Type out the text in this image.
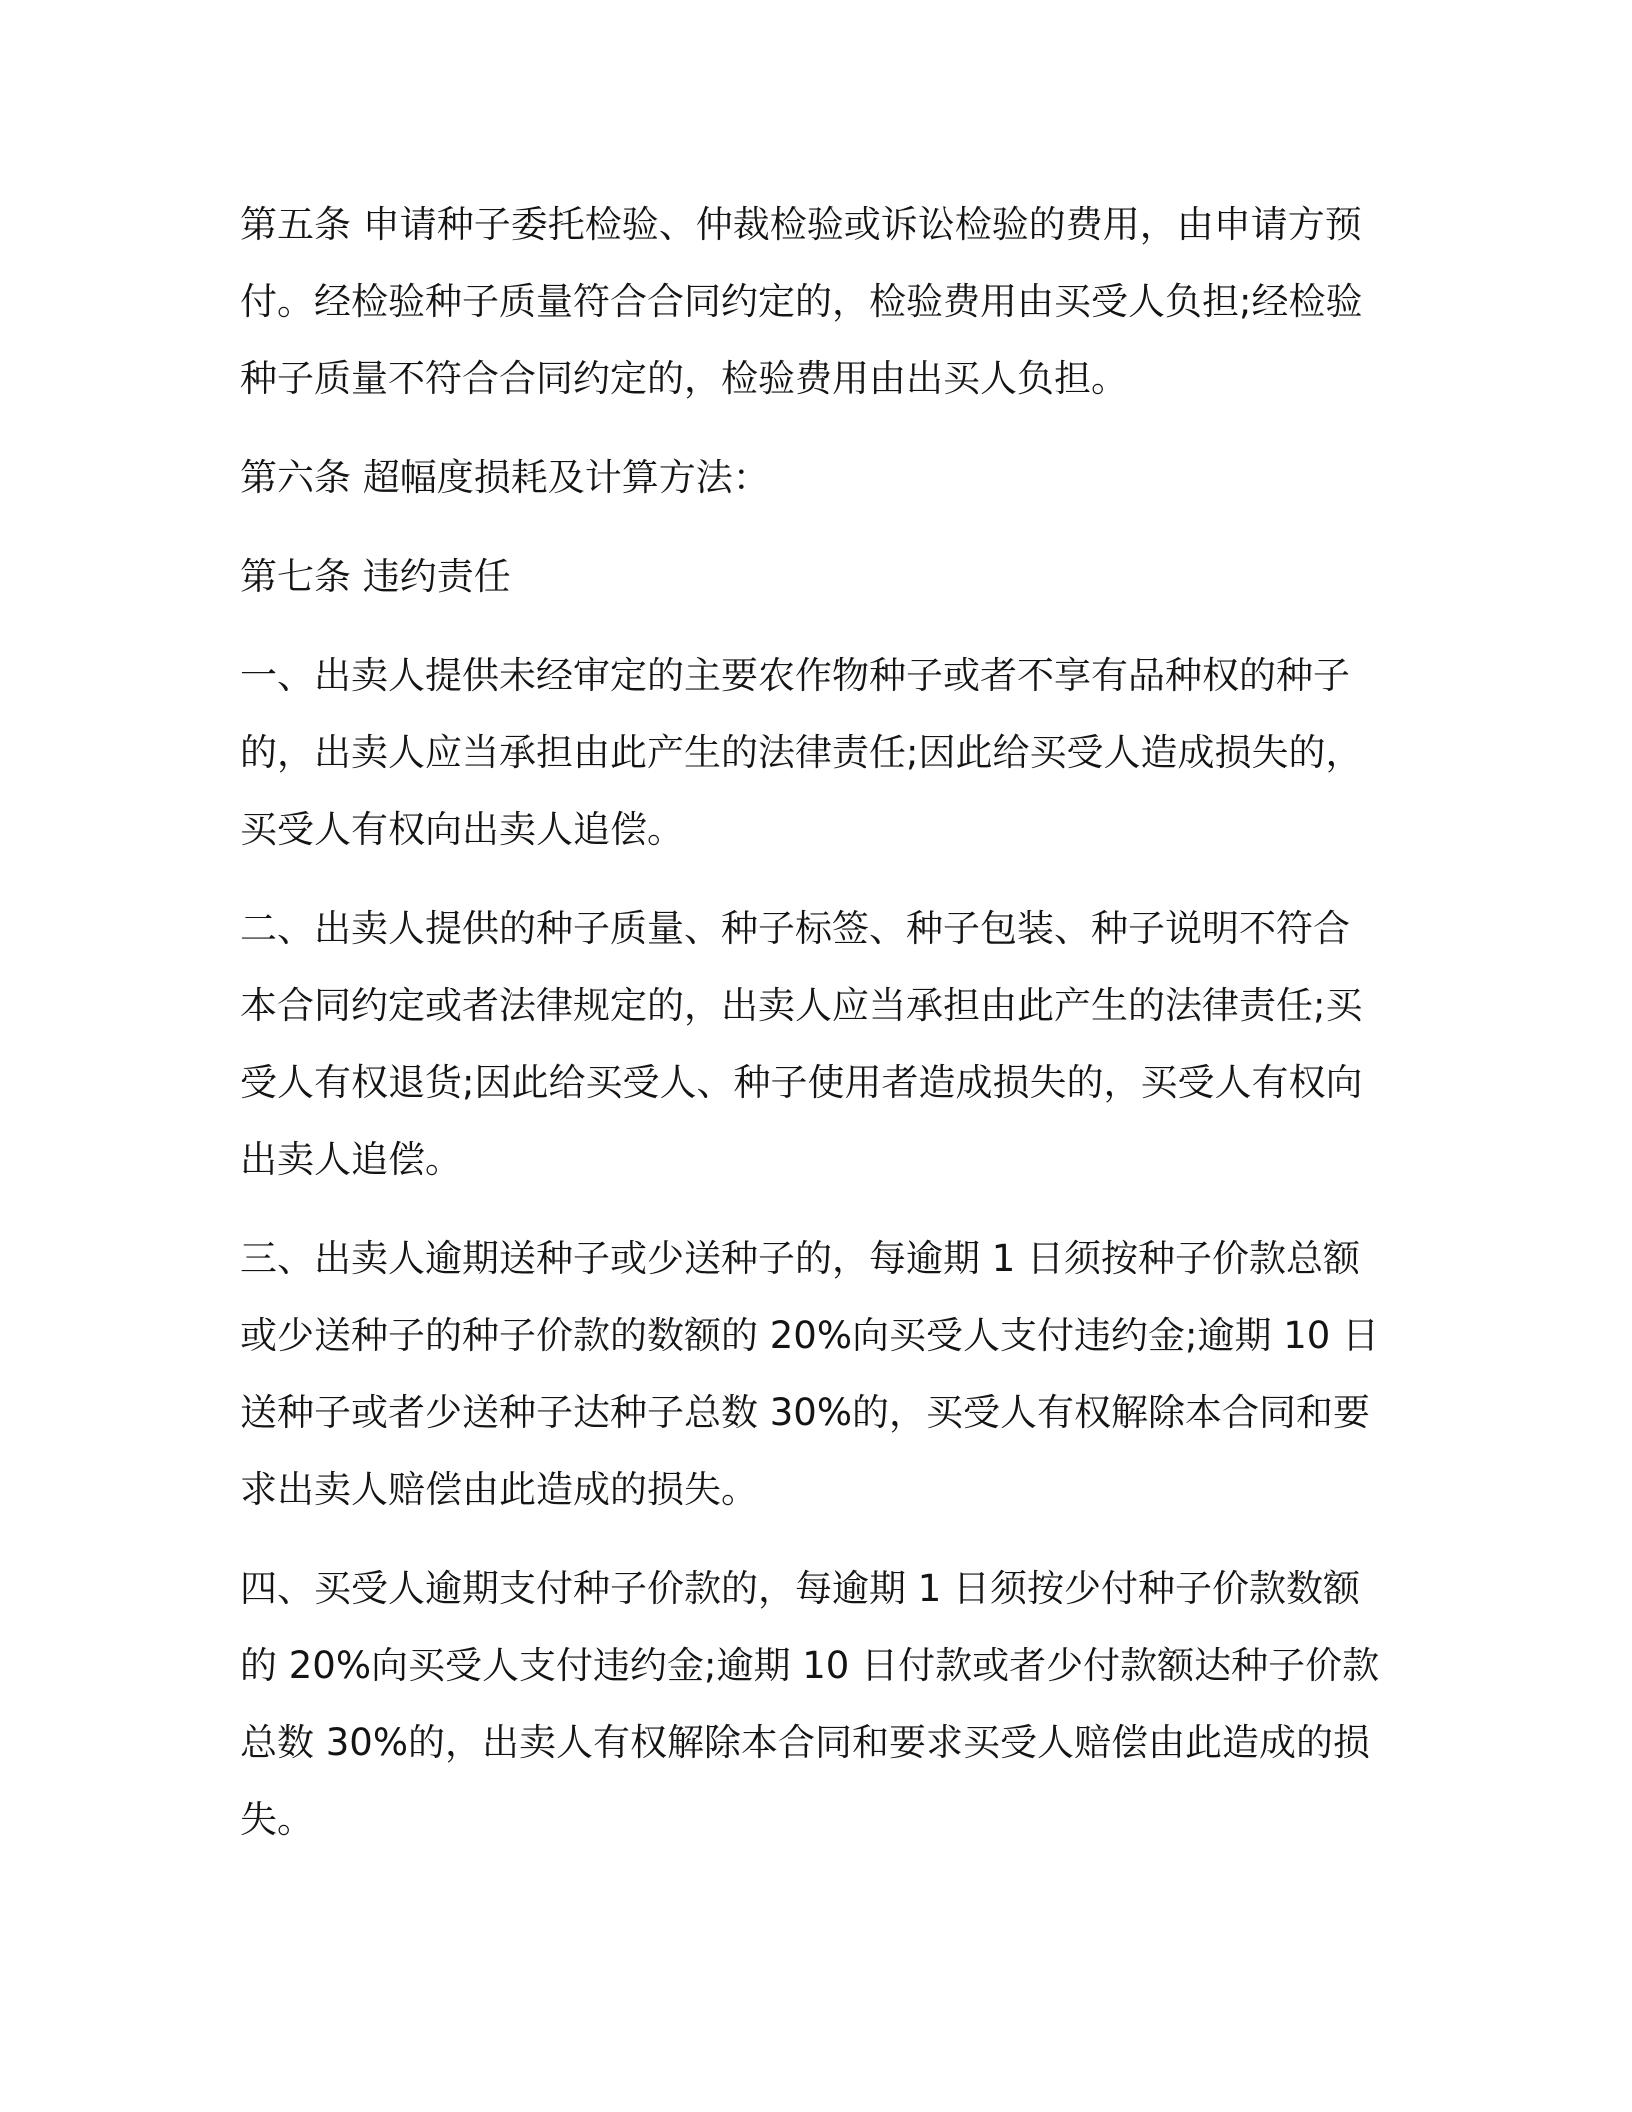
第五条 申请种子委托检验、仲裁检验或诉讼检验的费用，由申请方预
付。经检验种子质量符合合同约定的，检验费用由买受人负担;经检验
种子质量不符合合同约定的，检验费用由出买人负担。

第六条 超幅度损耗及计算方法：

第七条 违约责任

一、出卖人提供未经审定的主要农作物种子或者不享有品种权的种子
的，出卖人应当承担由此产生的法律责任;因此给买受人造成损失的，
买受人有权向出卖人追偿。

二、出卖人提供的种子质量、种子标签、种子包装、种子说明不符合
本合同约定或者法律规定的，出卖人应当承担由此产生的法律责任;买
受人有权退货;因此给买受人、种子使用者造成损失的，买受人有权向
出卖人追偿。

三、出卖人逾期送种子或少送种子的，每逾期 1 日须按种子价款总额
或少送种子的种子价款的数额的 20%向买受人支付违约金;逾期 10 日
送种子或者少送种子达种子总数 30%的，买受人有权解除本合同和要
求出卖人赔偿由此造成的损失。

四、买受人逾期支付种子价款的，每逾期 1 日须按少付种子价款数额
的 20%向买受人支付违约金;逾期 10 日付款或者少付款额达种子价款
总数 30%的，出卖人有权解除本合同和要求买受人赔偿由此造成的损
失。
